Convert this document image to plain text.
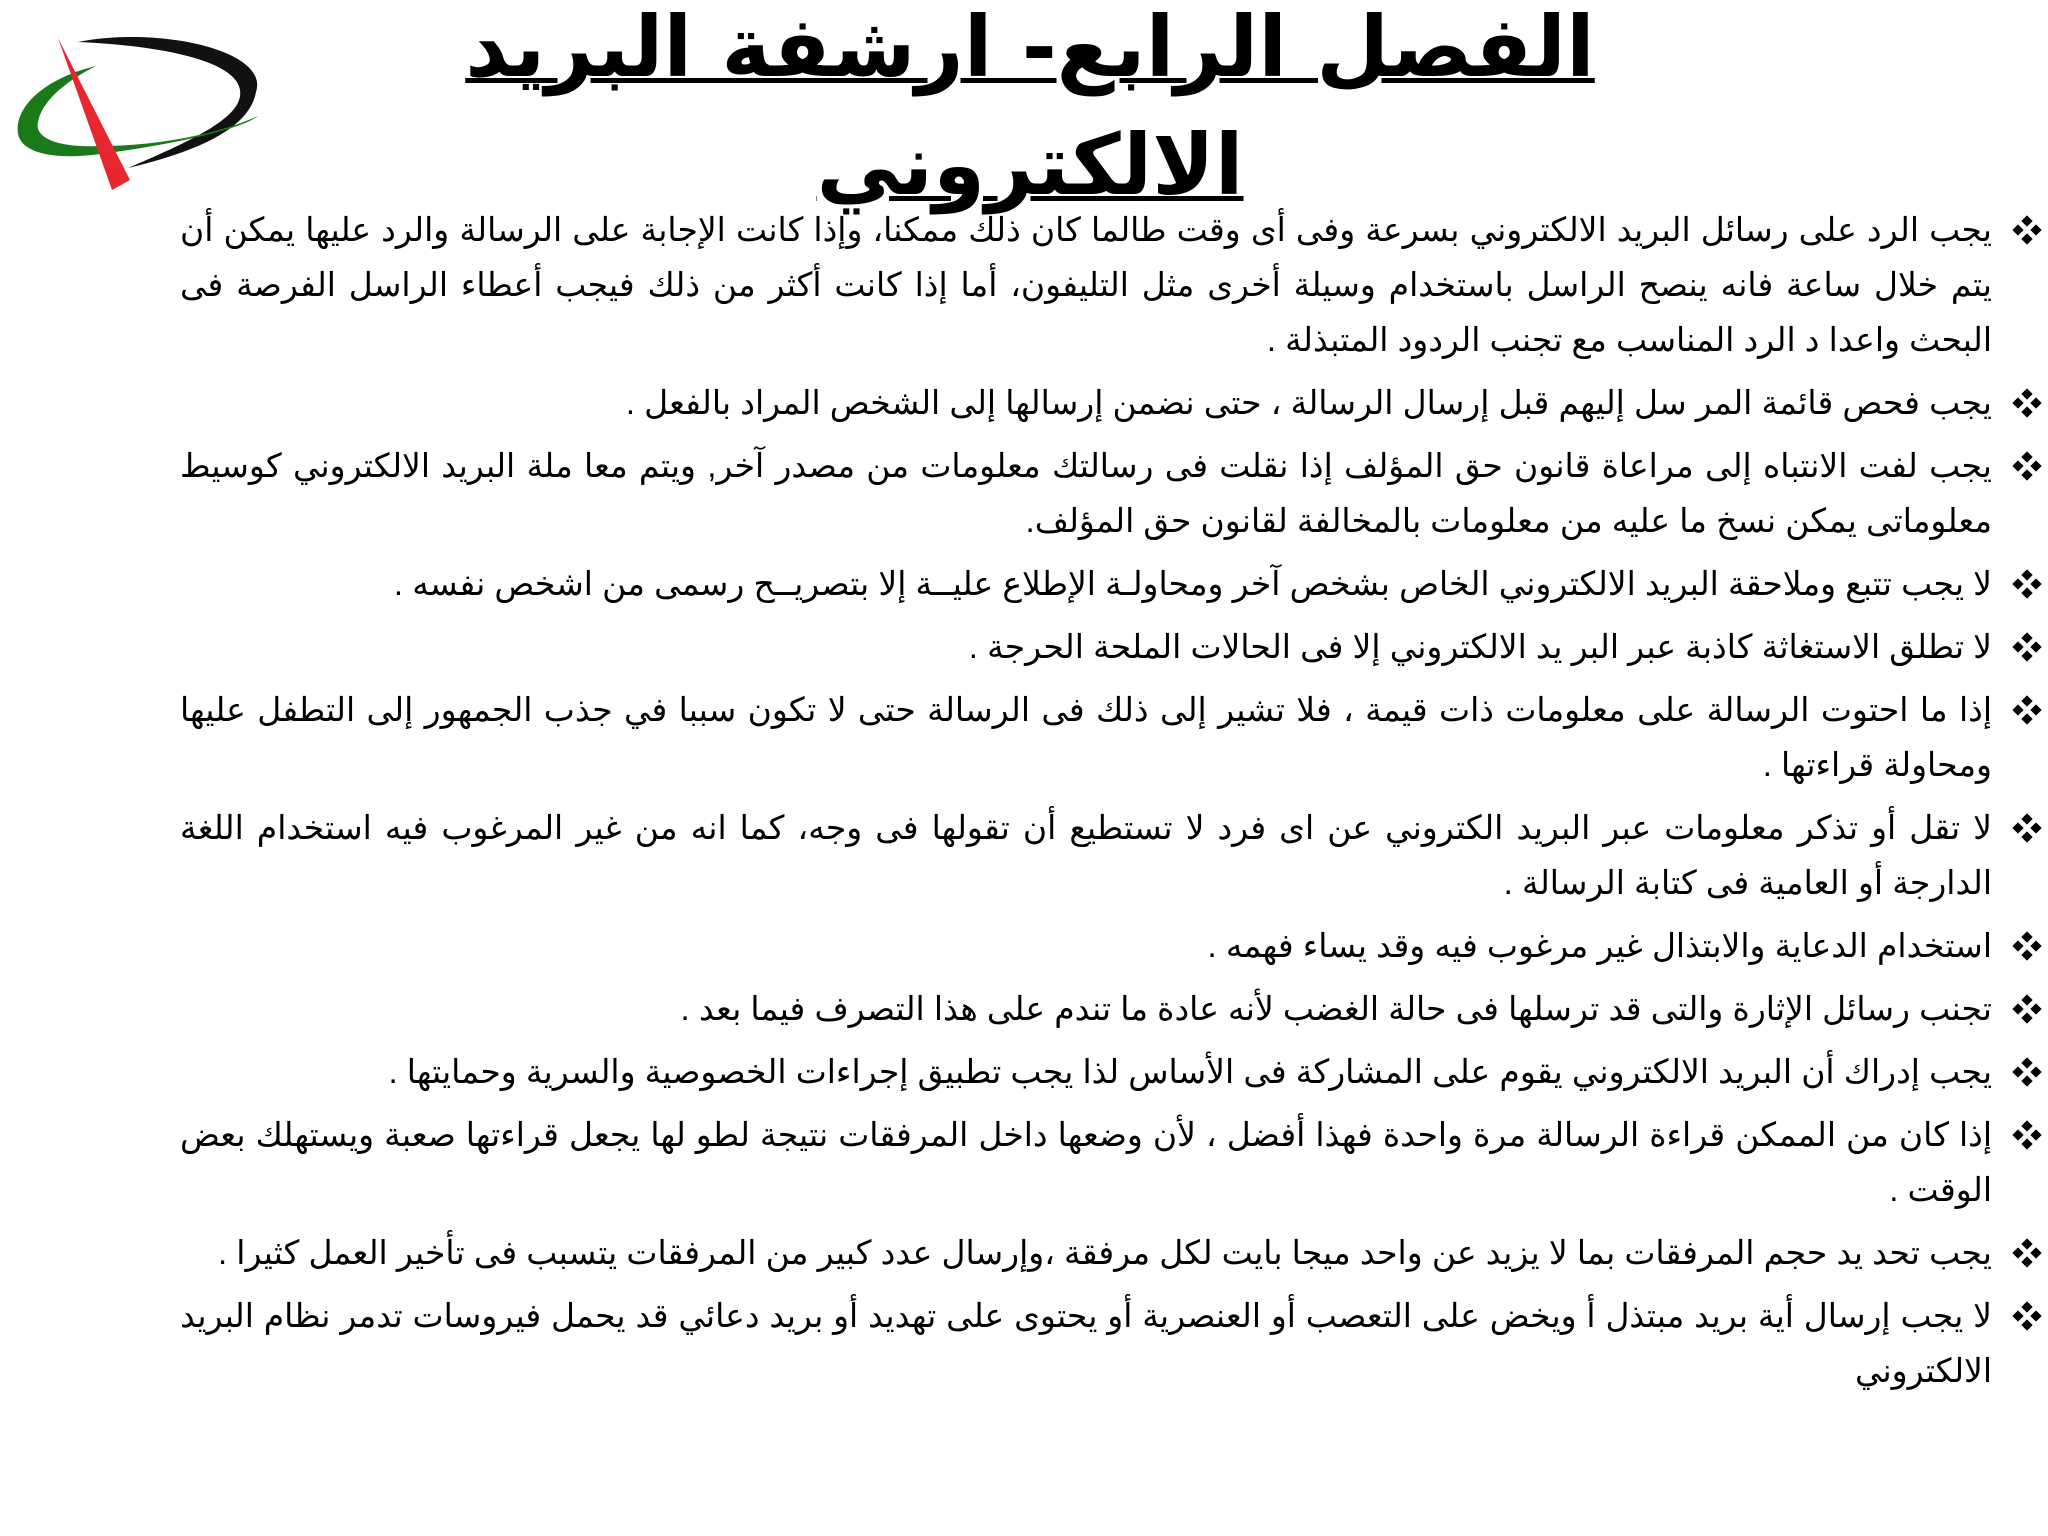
الفصل الرابع- ارشفة البريد الالكتروني
يجب الرد على رسائل البريد الالكتروني بسرعة وفى أى وقت طالما كان ذلك ممكنا، وإذا كانت الإجابة على الرسالة والرد عليها يمكن أن يتم خلال ساعة فانه ينصح الراسل باستخدام وسيلة أخرى مثل التليفون، أما إذا كانت أكثر من ذلك فيجب أعطاء الراسل الفرصة فى البحث واعدا د الرد المناسب مع تجنب الردود المتبذلة .
يجب فحص قائمة المر سل إليهم قبل إرسال الرسالة ، حتى نضمن إرسالها إلى الشخص المراد بالفعل .
يجب لفت الانتباه إلى مراعاة قانون حق المؤلف إذا نقلت فى رسالتك معلومات من مصدر آخر, ويتم معا ملة البريد الالكتروني كوسيط معلوماتى يمكن نسخ ما عليه من معلومات بالمخالفة لقانون حق المؤلف.
لا يجب تتبع وملاحقة البريد الالكتروني الخاص بشخص آخر ومحاولـة الإطلاع عليــة إلا بتصريــح رسمى من اشخص نفسه .
لا تطلق الاستغاثة كاذبة عبر البر يد الالكتروني إلا فى الحالات الملحة الحرجة .
إذا ما احتوت الرسالة على معلومات ذات قيمة ، فلا تشير إلى ذلك فى الرسالة حتى لا تكون سببا في جذب الجمهور إلى التطفل عليها ومحاولة قراءتها .
لا تقل أو تذكر معلومات عبر البريد الكتروني عن اى فرد لا تستطيع أن تقولها فى وجه، كما انه من غير المرغوب فيه استخدام اللغة الدارجة أو العامية فى كتابة الرسالة .
استخدام الدعاية والابتذال غير مرغوب فيه وقد يساء فهمه .
تجنب رسائل الإثارة والتى قد ترسلها فى حالة الغضب لأنه عادة ما تندم على هذا التصرف فيما بعد .
يجب إدراك أن البريد الالكتروني يقوم على المشاركة فى الأساس لذا يجب تطبيق إجراءات الخصوصية والسرية وحمايتها .
إذا كان من الممكن قراءة الرسالة مرة واحدة فهذا أفضل ، لأن وضعها داخل المرفقات نتيجة لطو لها يجعل قراءتها صعبة ويستهلك بعض الوقت .
يجب تحد يد حجم المرفقات بما لا يزيد عن واحد ميجا بايت لكل مرفقة ،وإرسال عدد كبير من المرفقات يتسبب فى تأخير العمل كثيرا .
لا يجب إرسال أية بريد مبتذل أ ويخض على التعصب أو العنصرية أو يحتوى على تهديد أو بريد دعائي قد يحمل فيروسات تدمر نظام البريد الالكتروني
